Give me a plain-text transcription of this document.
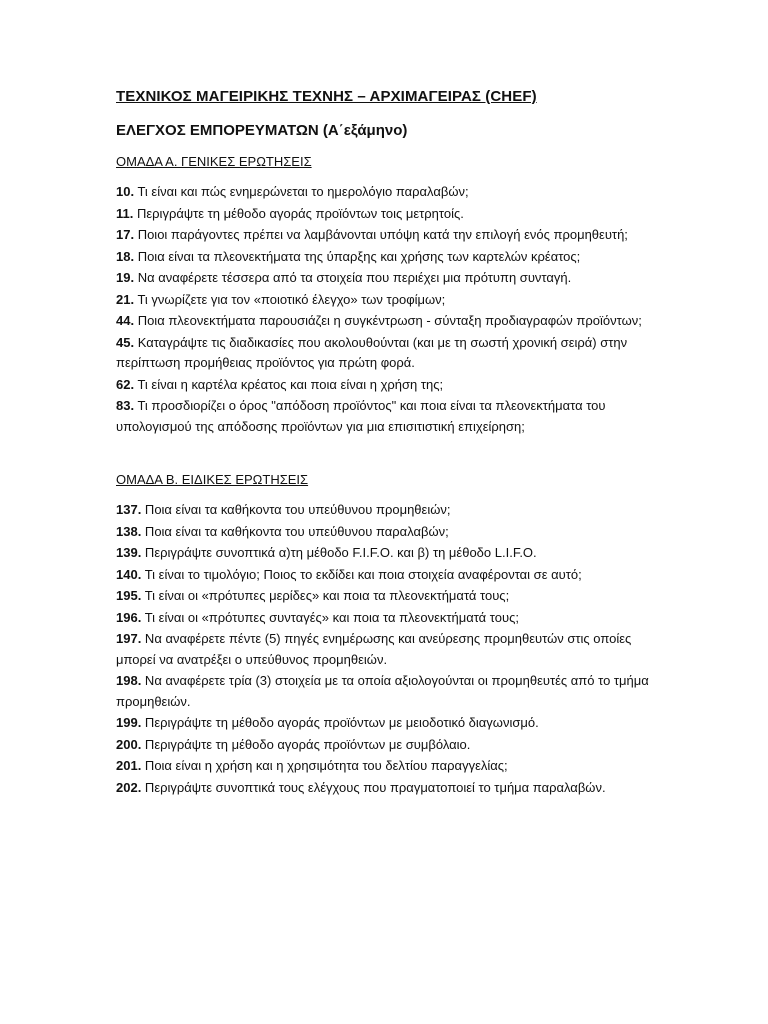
ΤΕΧΝΙΚΟΣ ΜΑΓΕΙΡΙΚΗΣ ΤΕΧΝΗΣ – ΑΡΧΙΜΑΓΕΙΡΑΣ (CHEF)
ΕΛΕΓΧΟΣ ΕΜΠΟΡΕΥΜΑΤΩΝ (Α΄εξάμηνο)
ΟΜΑΔΑ Α. ΓΕΝΙΚΕΣ ΕΡΩΤΗΣΕΙΣ
10. Τι είναι και πώς ενημερώνεται το ημερολόγιο παραλαβών;
11. Περιγράψτε τη μέθοδο αγοράς προϊόντων τοις μετρητοίς.
17. Ποιοι παράγοντες πρέπει να λαμβάνονται υπόψη κατά την επιλογή ενός προμηθευτή;
18. Ποια είναι τα πλεονεκτήματα της ύπαρξης και χρήσης των καρτελών κρέατος;
19. Να αναφέρετε τέσσερα από τα στοιχεία που περιέχει μια πρότυπη συνταγή.
21. Τι γνωρίζετε για τον «ποιοτικό έλεγχο» των τροφίμων;
44. Ποια πλεονεκτήματα παρουσιάζει η συγκέντρωση - σύνταξη προδιαγραφών προϊόντων;
45. Καταγράψτε τις διαδικασίες που ακολουθούνται (και με τη σωστή χρονική σειρά) στην περίπτωση προμήθειας προϊόντος για πρώτη φορά.
62. Τι είναι η καρτέλα κρέατος και ποια είναι η χρήση της;
83. Τι προσδιορίζει ο όρος "απόδοση προϊόντος" και ποια είναι τα πλεονεκτήματα του υπολογισμού της απόδοσης προϊόντων για μια επισιτιστική επιχείρηση;
ΟΜΑΔΑ Β. ΕΙΔΙΚΕΣ ΕΡΩΤΗΣΕΙΣ
137. Ποια είναι τα καθήκοντα του υπεύθυνου προμηθειών;
138. Ποια είναι τα καθήκοντα του υπεύθυνου παραλαβών;
139. Περιγράψτε συνοπτικά α)τη μέθοδο F.I.F.O. και β) τη μέθοδο L.I.F.O.
140. Τι είναι το τιμολόγιο; Ποιος το εκδίδει και ποια στοιχεία αναφέρονται σε αυτό;
195. Τι είναι οι «πρότυπες μερίδες» και ποια τα πλεονεκτήματά τους;
196. Τι είναι οι «πρότυπες συνταγές» και ποια τα πλεονεκτήματά τους;
197. Να αναφέρετε πέντε (5) πηγές ενημέρωσης και ανεύρεσης προμηθευτών στις οποίες μπορεί να ανατρέξει ο υπεύθυνος προμηθειών.
198. Να αναφέρετε τρία (3) στοιχεία με τα οποία αξιολογούνται οι προμηθευτές από το τμήμα προμηθειών.
199. Περιγράψτε τη μέθοδο αγοράς προϊόντων με μειοδοτικό διαγωνισμό.
200. Περιγράψτε τη μέθοδο αγοράς προϊόντων με συμβόλαιο.
201. Ποια είναι η χρήση και η χρησιμότητα του δελτίου παραγγελίας;
202. Περιγράψτε συνοπτικά τους ελέγχους που πραγματοποιεί το τμήμα παραλαβών.
